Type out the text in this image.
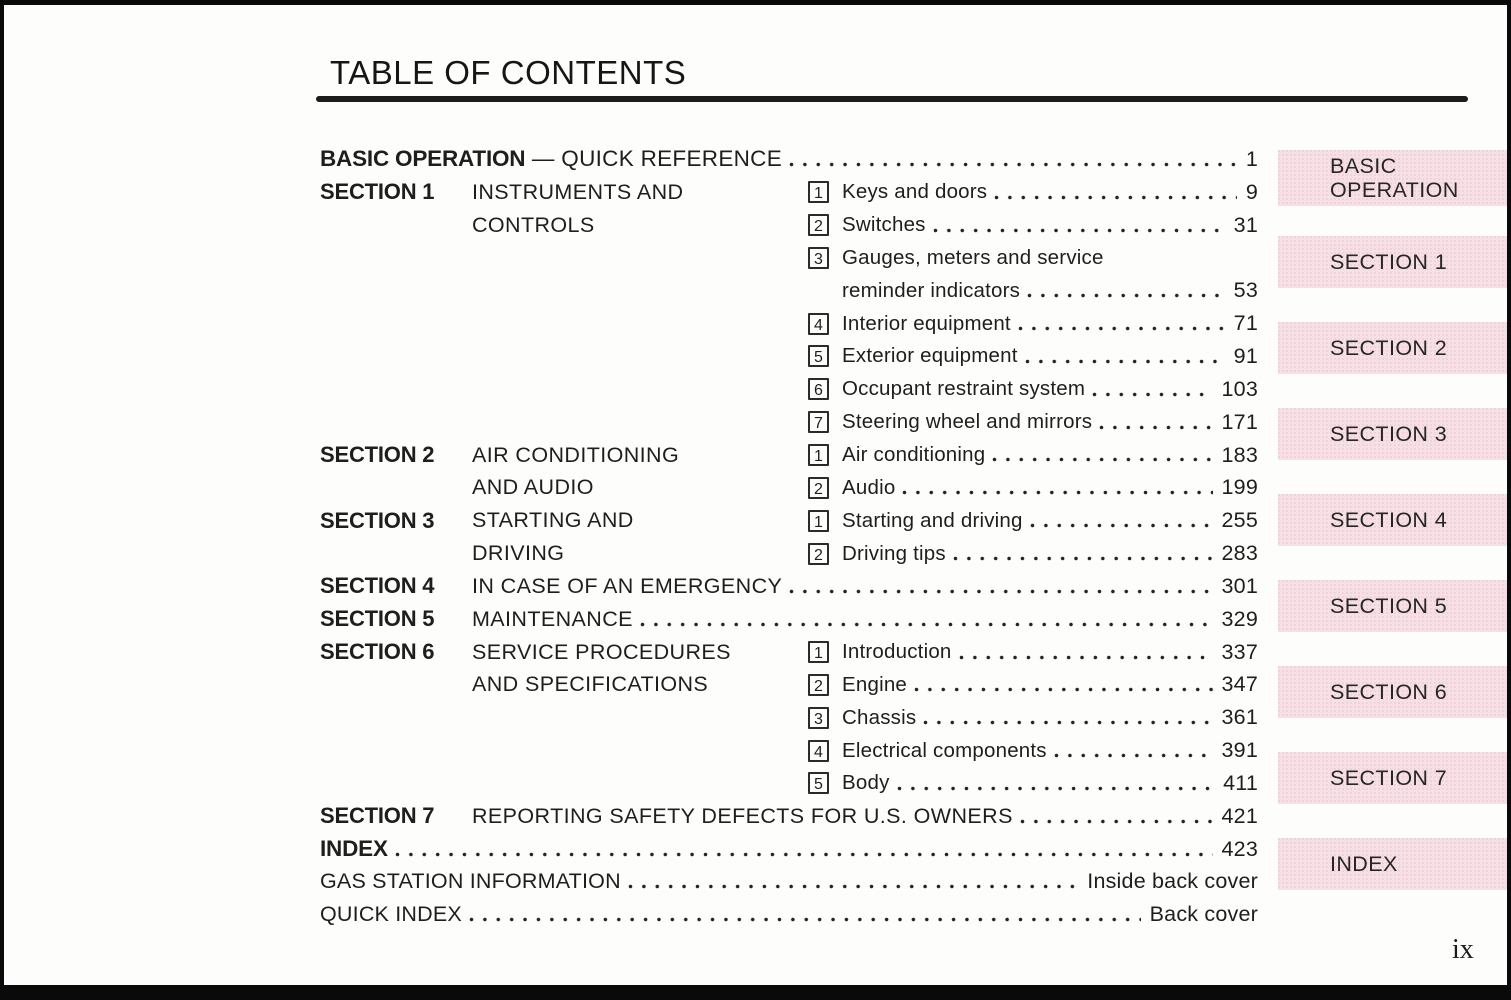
TABLE OF CONTENTS
BASIC OPERATION — QUICK REFERENCE	1
SECTION 1	INSTRUMENTS AND	1 Keys and doors	9
CONTROLS	2 Switches	31
3 Gauges, meters and service
reminder indicators	53
4 Interior equipment	71
5 Exterior equipment	91
6 Occupant restraint system	103
7 Steering wheel and mirrors	171
SECTION 2	AIR CONDITIONING	1 Air conditioning	183
AND AUDIO	2 Audio	199
SECTION 3	STARTING AND	1 Starting and driving	255
DRIVING	2 Driving tips	283
SECTION 4	IN CASE OF AN EMERGENCY	301
SECTION 5	MAINTENANCE	329
SECTION 6	SERVICE PROCEDURES	1 Introduction	337
AND SPECIFICATIONS	2 Engine	347
3 Chassis	361
4 Electrical components	391
5 Body	411
SECTION 7	REPORTING SAFETY DEFECTS FOR U.S. OWNERS	421
INDEX	423
GAS STATION INFORMATION	Inside back cover
QUICK INDEX	Back cover
BASIC OPERATION
SECTION 1
SECTION 2
SECTION 3
SECTION 4
SECTION 5
SECTION 6
SECTION 7
INDEX
ix
